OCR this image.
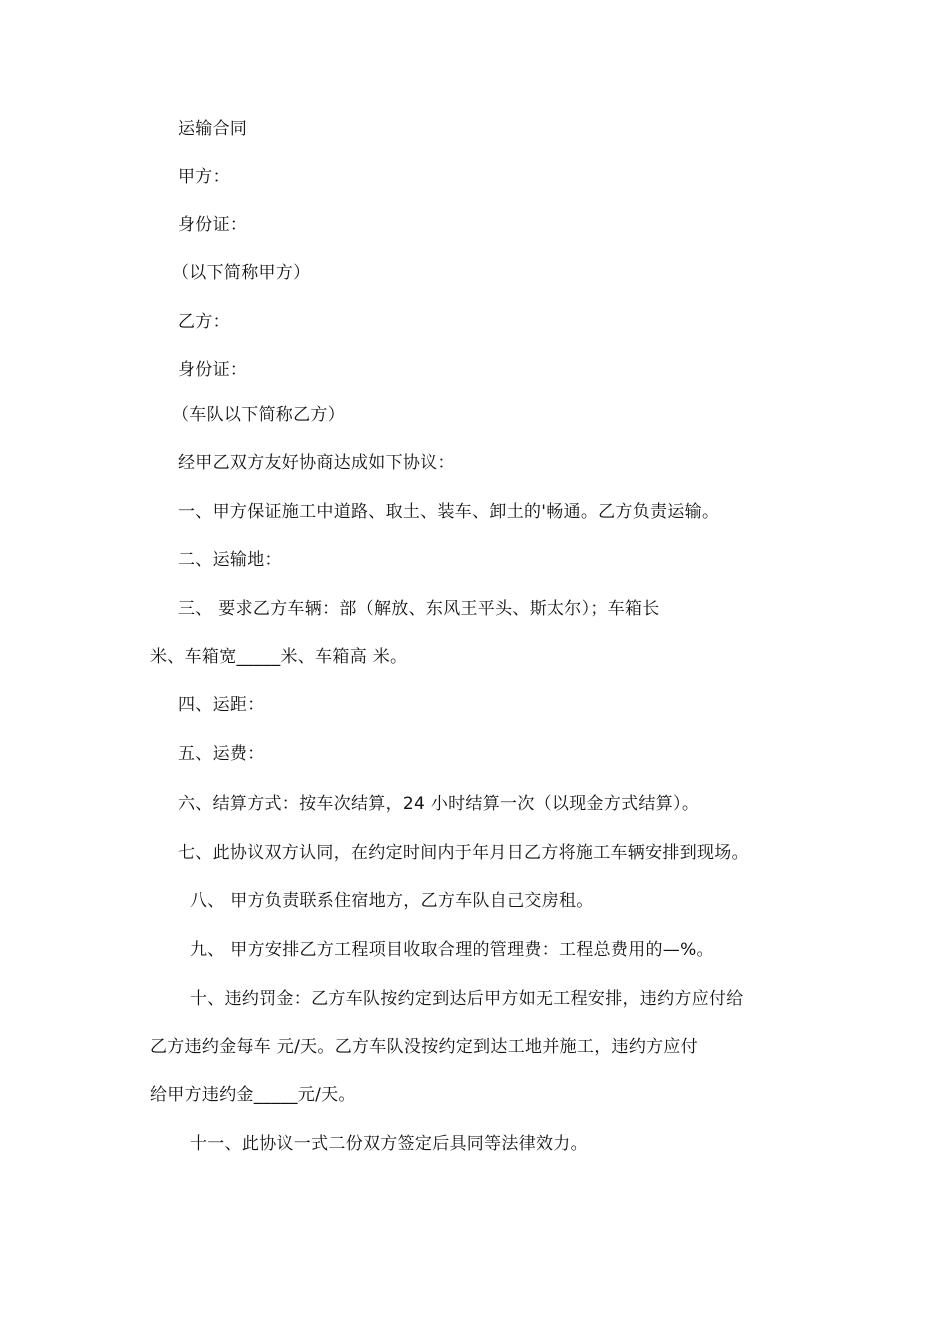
运输合同
甲方：
身份证：
（以下简称甲方）
乙方：
身份证：
（车队以下简称乙方）
经甲乙双方友好协商达成如下协议：
一、甲方保证施工中道路、取土、装车、卸土的'畅通。乙方负责运输。
二、运输地：
三、 要求乙方车辆：部（解放、东风王平头、斯太尔）；车箱长
米、车箱宽_____米、车箱高 米。
四、运距：
五、运费：
六、结算方式：按车次结算，24 小时结算一次（以现金方式结算）。
七、此协议双方认同，在约定时间内于年月日乙方将施工车辆安排到现场。
八、 甲方负责联系住宿地方，乙方车队自己交房租。
九、 甲方安排乙方工程项目收取合理的管理费：工程总费用的—%。
十、违约罚金：乙方车队按约定到达后甲方如无工程安排，违约方应付给
乙方违约金每车 元/天。乙方车队没按约定到达工地并施工，违约方应付
给甲方违约金_____元/天。
十一、此协议一式二份双方签定后具同等法律效力。
